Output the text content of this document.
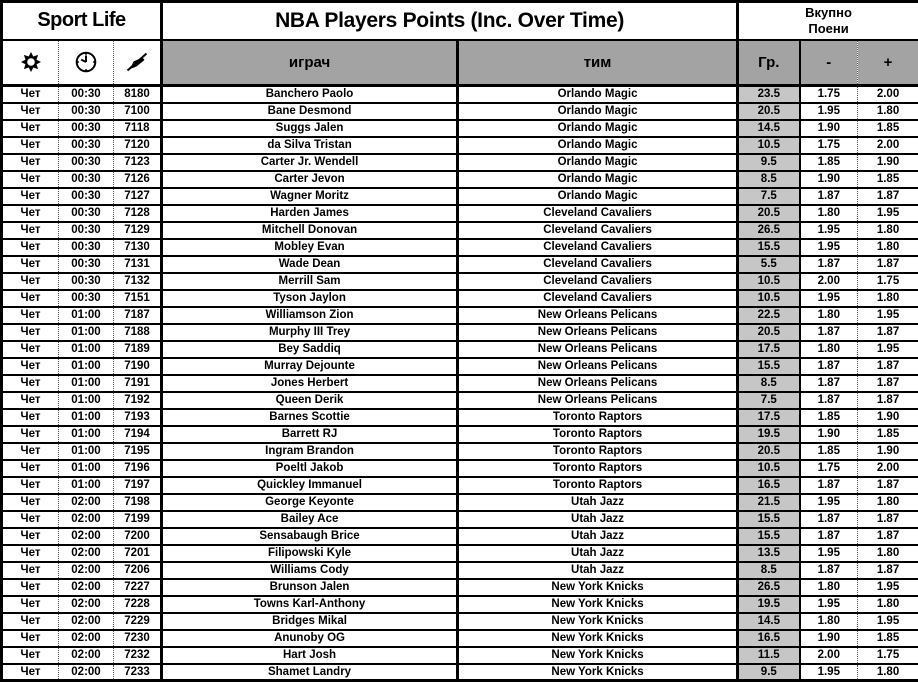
Sport Life			NBA Players Points (Inc. Over Time)		Вкупно
Поени		
			играч	тим	Гр.	-	+
Чет	00:30	8180	Banchero Paolo	Orlando Magic	23.5	1.75	2.00
Чет	00:30	7100	Bane Desmond	Orlando Magic	20.5	1.95	1.80
Чет	00:30	7118	Suggs Jalen	Orlando Magic	14.5	1.90	1.85
Чет	00:30	7120	da Silva Tristan	Orlando Magic	10.5	1.75	2.00
Чет	00:30	7123	Carter Jr. Wendell	Orlando Magic	9.5	1.85	1.90
Чет	00:30	7126	Carter Jevon	Orlando Magic	8.5	1.90	1.85
Чет	00:30	7127	Wagner Moritz	Orlando Magic	7.5	1.87	1.87
Чет	00:30	7128	Harden James	Cleveland Cavaliers	20.5	1.80	1.95
Чет	00:30	7129	Mitchell Donovan	Cleveland Cavaliers	26.5	1.95	1.80
Чет	00:30	7130	Mobley Evan	Cleveland Cavaliers	15.5	1.95	1.80
Чет	00:30	7131	Wade Dean	Cleveland Cavaliers	5.5	1.87	1.87
Чет	00:30	7132	Merrill Sam	Cleveland Cavaliers	10.5	2.00	1.75
Чет	00:30	7151	Tyson Jaylon	Cleveland Cavaliers	10.5	1.95	1.80
Чет	01:00	7187	Williamson Zion	New Orleans Pelicans	22.5	1.80	1.95
Чет	01:00	7188	Murphy III Trey	New Orleans Pelicans	20.5	1.87	1.87
Чет	01:00	7189	Bey Saddiq	New Orleans Pelicans	17.5	1.80	1.95
Чет	01:00	7190	Murray Dejounte	New Orleans Pelicans	15.5	1.87	1.87
Чет	01:00	7191	Jones Herbert	New Orleans Pelicans	8.5	1.87	1.87
Чет	01:00	7192	Queen Derik	New Orleans Pelicans	7.5	1.87	1.87
Чет	01:00	7193	Barnes Scottie	Toronto Raptors	17.5	1.85	1.90
Чет	01:00	7194	Barrett RJ	Toronto Raptors	19.5	1.90	1.85
Чет	01:00	7195	Ingram Brandon	Toronto Raptors	20.5	1.85	1.90
Чет	01:00	7196	Poeltl Jakob	Toronto Raptors	10.5	1.75	2.00
Чет	01:00	7197	Quickley Immanuel	Toronto Raptors	16.5	1.87	1.87
Чет	02:00	7198	George Keyonte	Utah Jazz	21.5	1.95	1.80
Чет	02:00	7199	Bailey Ace	Utah Jazz	15.5	1.87	1.87
Чет	02:00	7200	Sensabaugh Brice	Utah Jazz	15.5	1.87	1.87
Чет	02:00	7201	Filipowski Kyle	Utah Jazz	13.5	1.95	1.80
Чет	02:00	7206	Williams Cody	Utah Jazz	8.5	1.87	1.87
Чет	02:00	7227	Brunson Jalen	New York Knicks	26.5	1.80	1.95
Чет	02:00	7228	Towns Karl-Anthony	New York Knicks	19.5	1.95	1.80
Чет	02:00	7229	Bridges Mikal	New York Knicks	14.5	1.80	1.95
Чет	02:00	7230	Anunoby OG	New York Knicks	16.5	1.90	1.85
Чет	02:00	7232	Hart Josh	New York Knicks	11.5	2.00	1.75
Чет	02:00	7233	Shamet Landry	New York Knicks	9.5	1.95	1.80
